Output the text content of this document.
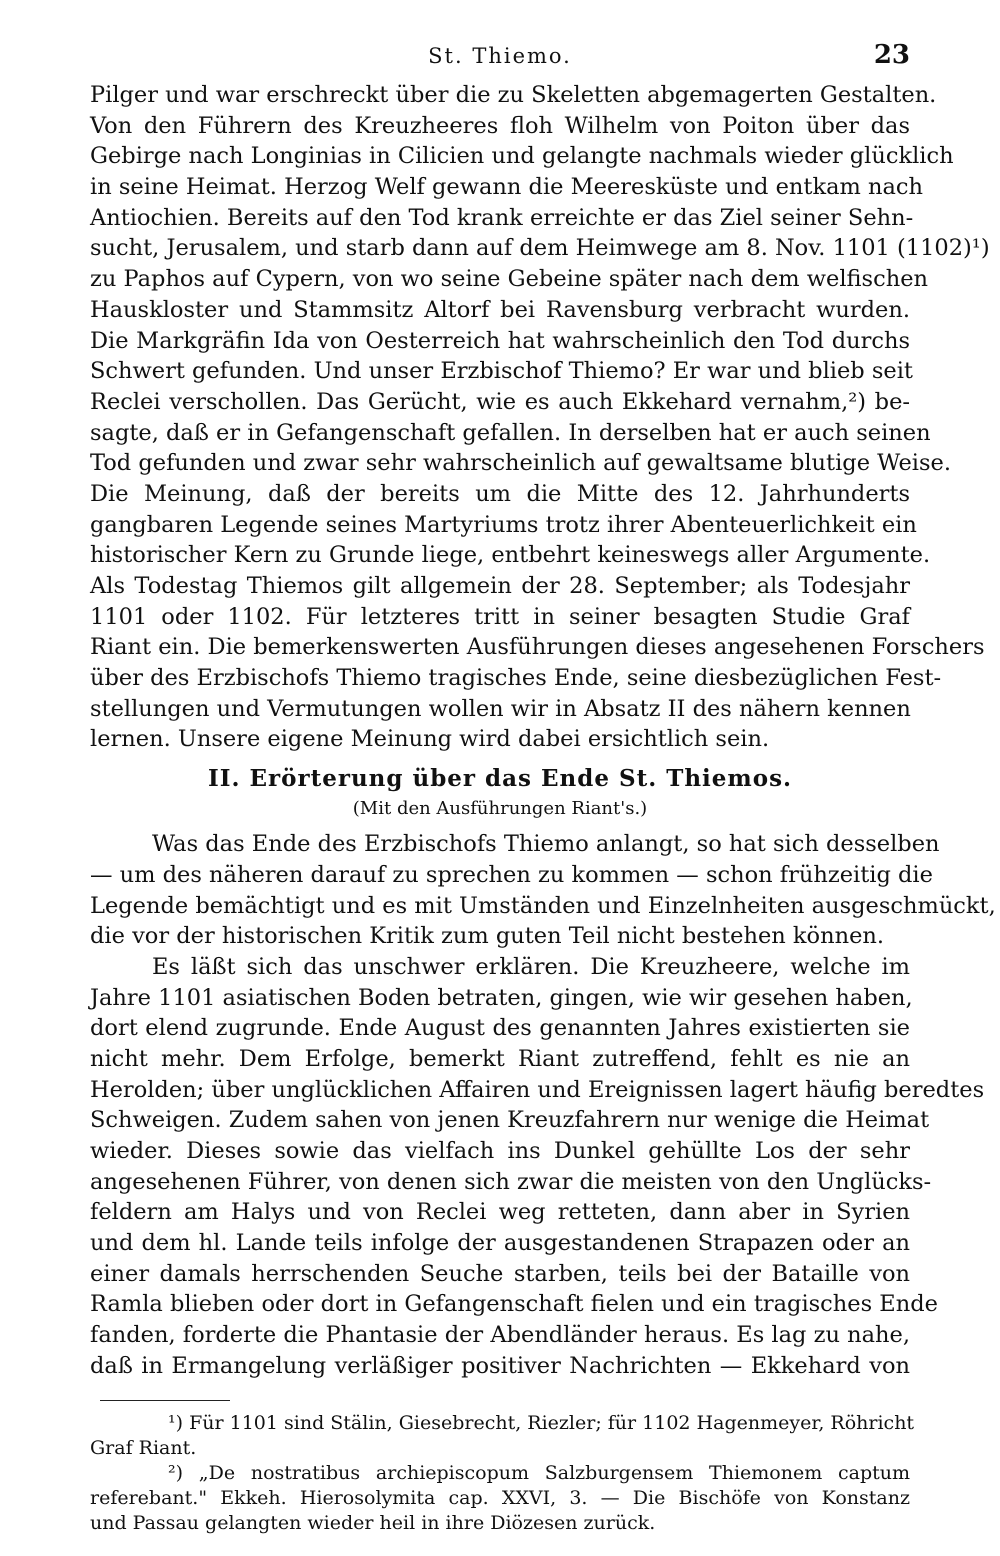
St. Thiemo.	23
Pilger und war erschreckt über die zu Skeletten abgemagerten Gestalten.
Von den Führern des Kreuzheeres floh Wilhelm von Poiton über das
Gebirge nach Longinias in Cilicien und gelangte nachmals wieder glücklich
in seine Heimat. Herzog Welf gewann die Meeresküste und entkam nach
Antiochien. Bereits auf den Tod krank erreichte er das Ziel seiner Sehn-
sucht, Jerusalem, und starb dann auf dem Heimwege am 8. Nov. 1101 (1102)¹)
zu Paphos auf Cypern, von wo seine Gebeine später nach dem welfischen
Hauskloster und Stammsitz Altorf bei Ravensburg verbracht wurden.
Die Markgräfin Ida von Oesterreich hat wahrscheinlich den Tod durchs
Schwert gefunden. Und unser Erzbischof Thiemo? Er war und blieb seit
Reclei verschollen. Das Gerücht, wie es auch Ekkehard vernahm,²) be-
sagte, daß er in Gefangenschaft gefallen. In derselben hat er auch seinen
Tod gefunden und zwar sehr wahrscheinlich auf gewaltsame blutige Weise.
Die Meinung, daß der bereits um die Mitte des 12. Jahrhunderts
gangbaren Legende seines Martyriums trotz ihrer Abenteuerlichkeit ein
historischer Kern zu Grunde liege, entbehrt keineswegs aller Argumente.
Als Todestag Thiemos gilt allgemein der 28. September; als Todesjahr
1101 oder 1102. Für letzteres tritt in seiner besagten Studie Graf
Riant ein. Die bemerkenswerten Ausführungen dieses angesehenen Forschers
über des Erzbischofs Thiemo tragisches Ende, seine diesbezüglichen Fest-
stellungen und Vermutungen wollen wir in Absatz II des nähern kennen
lernen. Unsere eigene Meinung wird dabei ersichtlich sein.
II. Erörterung über das Ende St. Thiemos.
(Mit den Ausführungen Riant's.)
Was das Ende des Erzbischofs Thiemo anlangt, so hat sich desselben
— um des näheren darauf zu sprechen zu kommen — schon frühzeitig die
Legende bemächtigt und es mit Umständen und Einzelnheiten ausgeschmückt,
die vor der historischen Kritik zum guten Teil nicht bestehen können.
Es läßt sich das unschwer erklären. Die Kreuzheere, welche im
Jahre 1101 asiatischen Boden betraten, gingen, wie wir gesehen haben,
dort elend zugrunde. Ende August des genannten Jahres existierten sie
nicht mehr. Dem Erfolge, bemerkt Riant zutreffend, fehlt es nie an
Herolden; über unglücklichen Affairen und Ereignissen lagert häufig beredtes
Schweigen. Zudem sahen von jenen Kreuzfahrern nur wenige die Heimat
wieder. Dieses sowie das vielfach ins Dunkel gehüllte Los der sehr
angesehenen Führer, von denen sich zwar die meisten von den Unglücks-
feldern am Halys und von Reclei weg retteten, dann aber in Syrien
und dem hl. Lande teils infolge der ausgestandenen Strapazen oder an
einer damals herrschenden Seuche starben, teils bei der Bataille von
Ramla blieben oder dort in Gefangenschaft fielen und ein tragisches Ende
fanden, forderte die Phantasie der Abendländer heraus. Es lag zu nahe,
daß in Ermangelung verläßiger positiver Nachrichten — Ekkehard von
¹) Für 1101 sind Stälin, Giesebrecht, Riezler; für 1102 Hagenmeyer, Röhricht
Graf Riant.
²) „De nostratibus archiepiscopum Salzburgensem Thiemonem captum
referebant." Ekkeh. Hierosolymita cap. XXVI, 3. — Die Bischöfe von Konstanz
und Passau gelangten wieder heil in ihre Diözesen zurück.
